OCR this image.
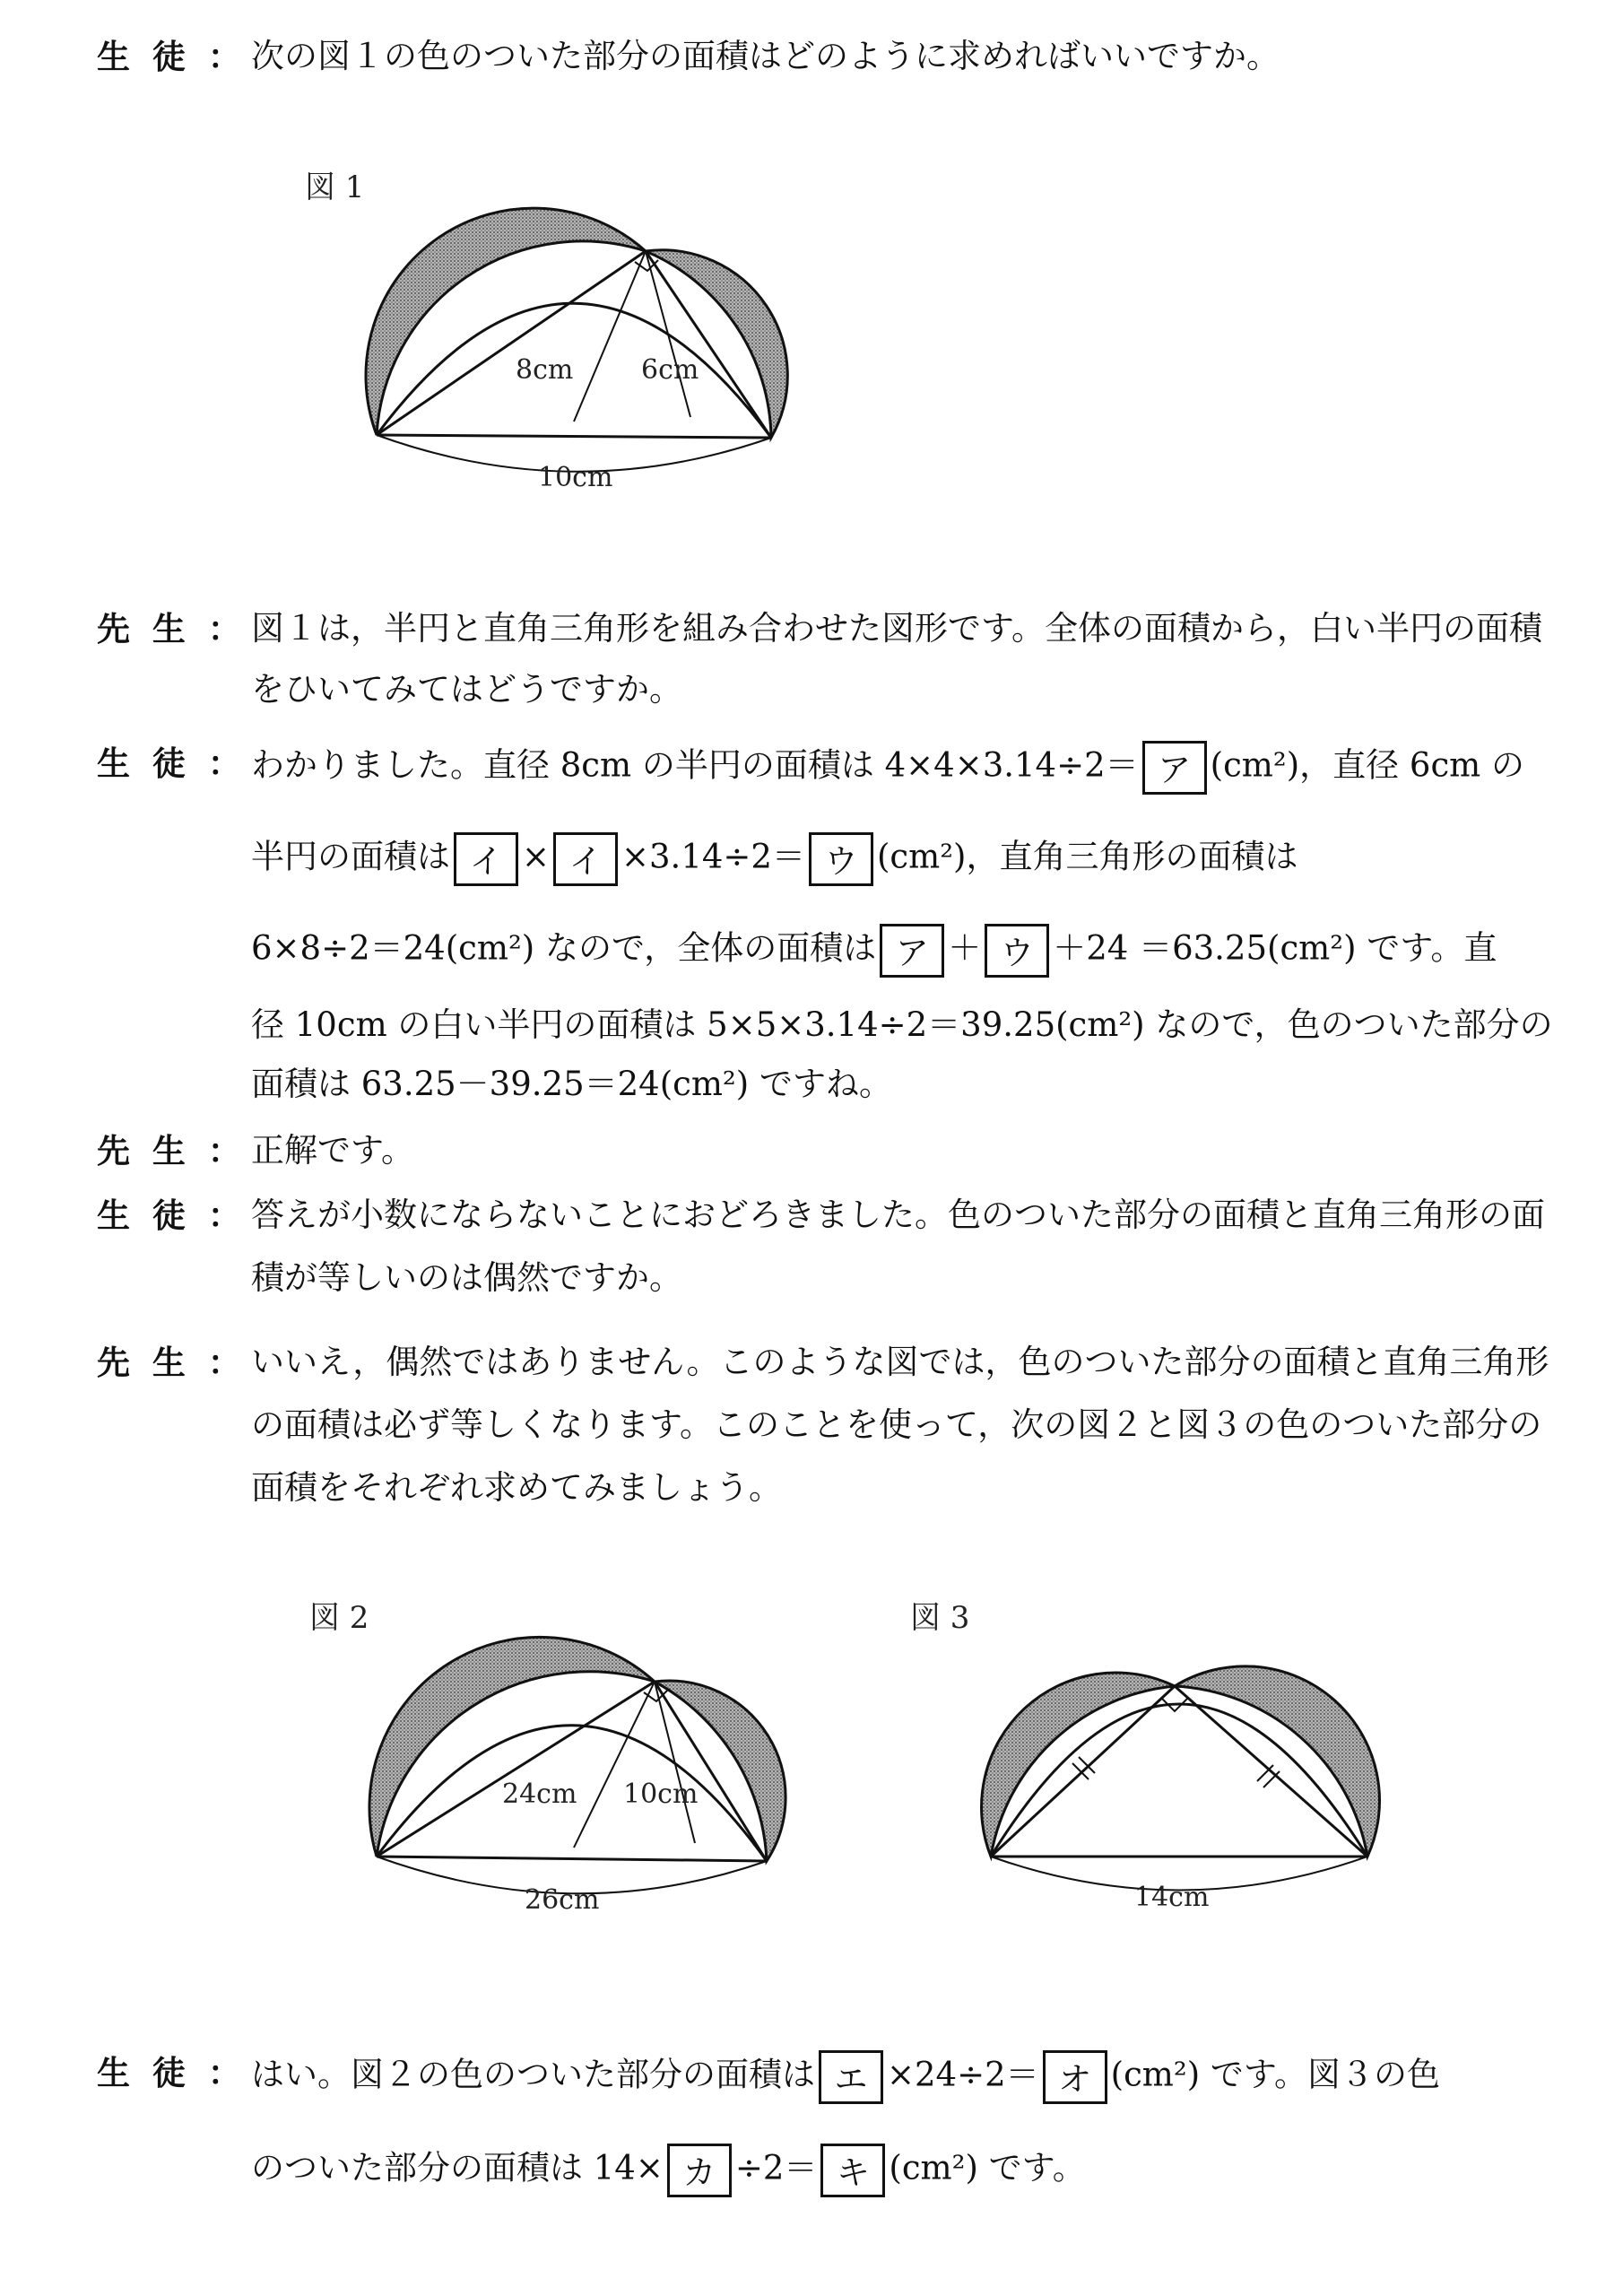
生 徒 ： 次の図１の色のついた部分の面積はどのように求めればいいですか。
図 1
8cm	6cm
10cm
先 生 ： 図１は，半円と直角三角形を組み合わせた図形です。全体の面積から，白い半円の面積
をひいてみてはどうですか。
生 徒 ： わかりました。直径 8cm の半円の面積は 4×4×3.14÷2＝ ア (cm²)，直径 6cm の
半円の面積は イ × イ ×3.14÷2＝ ウ (cm²)，直角三角形の面積は
6×8÷2＝24(cm²) なので，全体の面積は ア ＋ ウ ＋24 ＝63.25(cm²) です。直
径 10cm の白い半円の面積は 5×5×3.14÷2＝39.25(cm²) なので，色のついた部分の
面積は 63.25－39.25＝24(cm²) ですね。
先 生 ： 正解です。
生 徒 ： 答えが小数にならないことにおどろきました。色のついた部分の面積と直角三角形の面
積が等しいのは偶然ですか。
先 生 ： いいえ，偶然ではありません。このような図では，色のついた部分の面積と直角三角形
の面積は必ず等しくなります。このことを使って，次の図２と図３の色のついた部分の
面積をそれぞれ求めてみましょう。
図 2
24cm 10cm
26cm
図 3
14cm
生 徒 ： はい。図２の色のついた部分の面積は エ ×24÷2＝ オ (cm²) です。図３の色
のついた部分の面積は 14× カ ÷2＝ キ (cm²) です。
